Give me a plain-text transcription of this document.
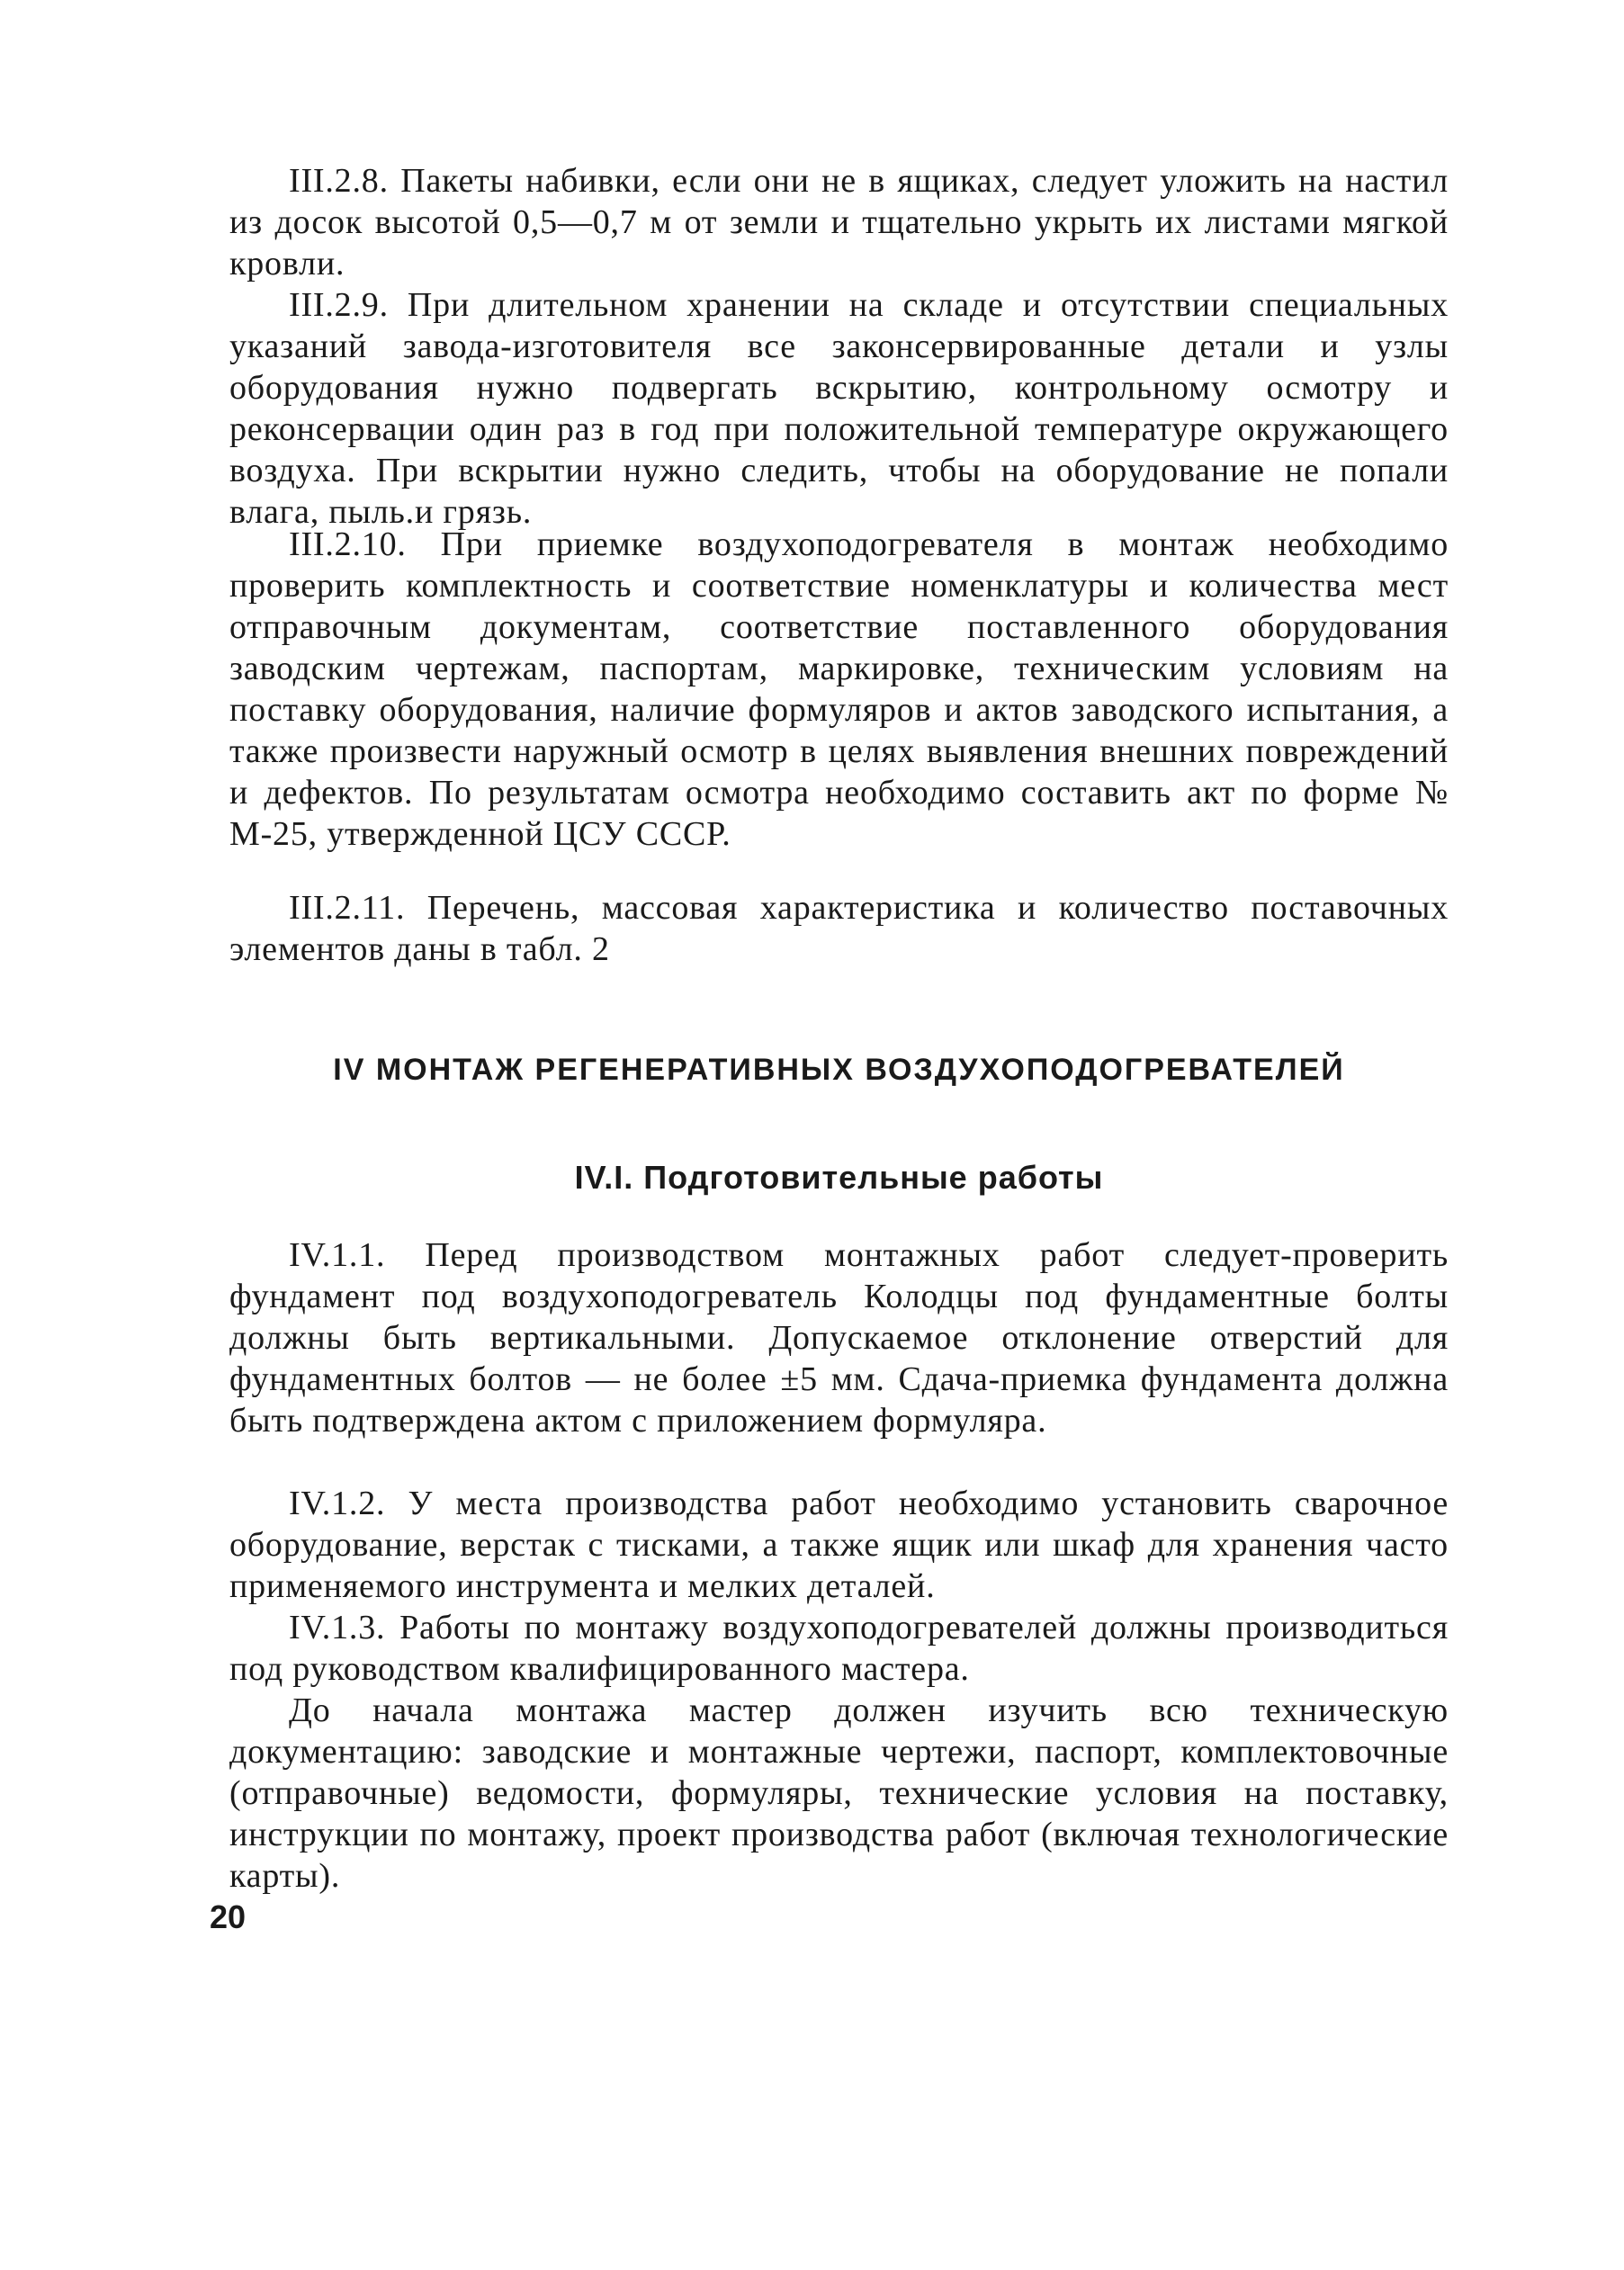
III.2.8. Пакеты набивки, если они не в ящиках, следует уложить на настил из досок высотой 0,5—0,7 м от земли и тщательно укрыть их листами мягкой кровли.

III.2.9. При длительном хранении на складе и отсутствии специальных указаний завода-изготовителя все законсервированные детали и узлы оборудования нужно подвергать вскрытию, контрольному осмотру и реконсервации один раз в год при положительной температуре окружающего воздуха. При вскрытии нужно следить, чтобы на оборудование не попали влага, пыль.и грязь.

III.2.10. При приемке воздухоподогревателя в монтаж необходимо проверить комплектность и соответствие номенклатуры и количества мест отправочным документам, соответствие поставленного оборудования заводским чертежам, паспортам, маркировке, техническим условиям на поставку оборудования, наличие формуляров и актов заводского испытания, а также произвести наружный осмотр в целях выявления внешних повреждений и дефектов. По результатам осмотра необходимо составить акт по форме № М-25, утвержденной ЦСУ СССР.

III.2.11. Перечень, массовая характеристика и количество поставочных элементов даны в табл. 2

IV МОНТАЖ РЕГЕНЕРАТИВНЫХ ВОЗДУХОПОДОГРЕВАТЕЛЕЙ
IV.I. Подготовительные работы

IV.1.1. Перед производством монтажных работ следует-проверить фундамент под воздухоподогреватель Колодцы под фундаментные болты должны быть вертикальными. Допускаемое отклонение отверстий для фундаментных болтов — не более ±5 мм. Сдача-приемка фундамента должна быть подтверждена актом с приложением формуляра.

IV.1.2. У места производства работ необходимо установить сварочное оборудование, верстак с тисками, а также ящик или шкаф для хранения часто применяемого инструмента и мелких деталей.

IV.1.3. Работы по монтажу воздухоподогревателей должны производиться под руководством квалифицированного мастера.

До начала монтажа мастер должен изучить всю техническую документацию: заводские и монтажные чертежи, паспорт, комплектовочные (отправочные) ведомости, формуляры, технические условия на поставку, инструкции по монтажу, проект производства работ (включая технологические карты).

20
